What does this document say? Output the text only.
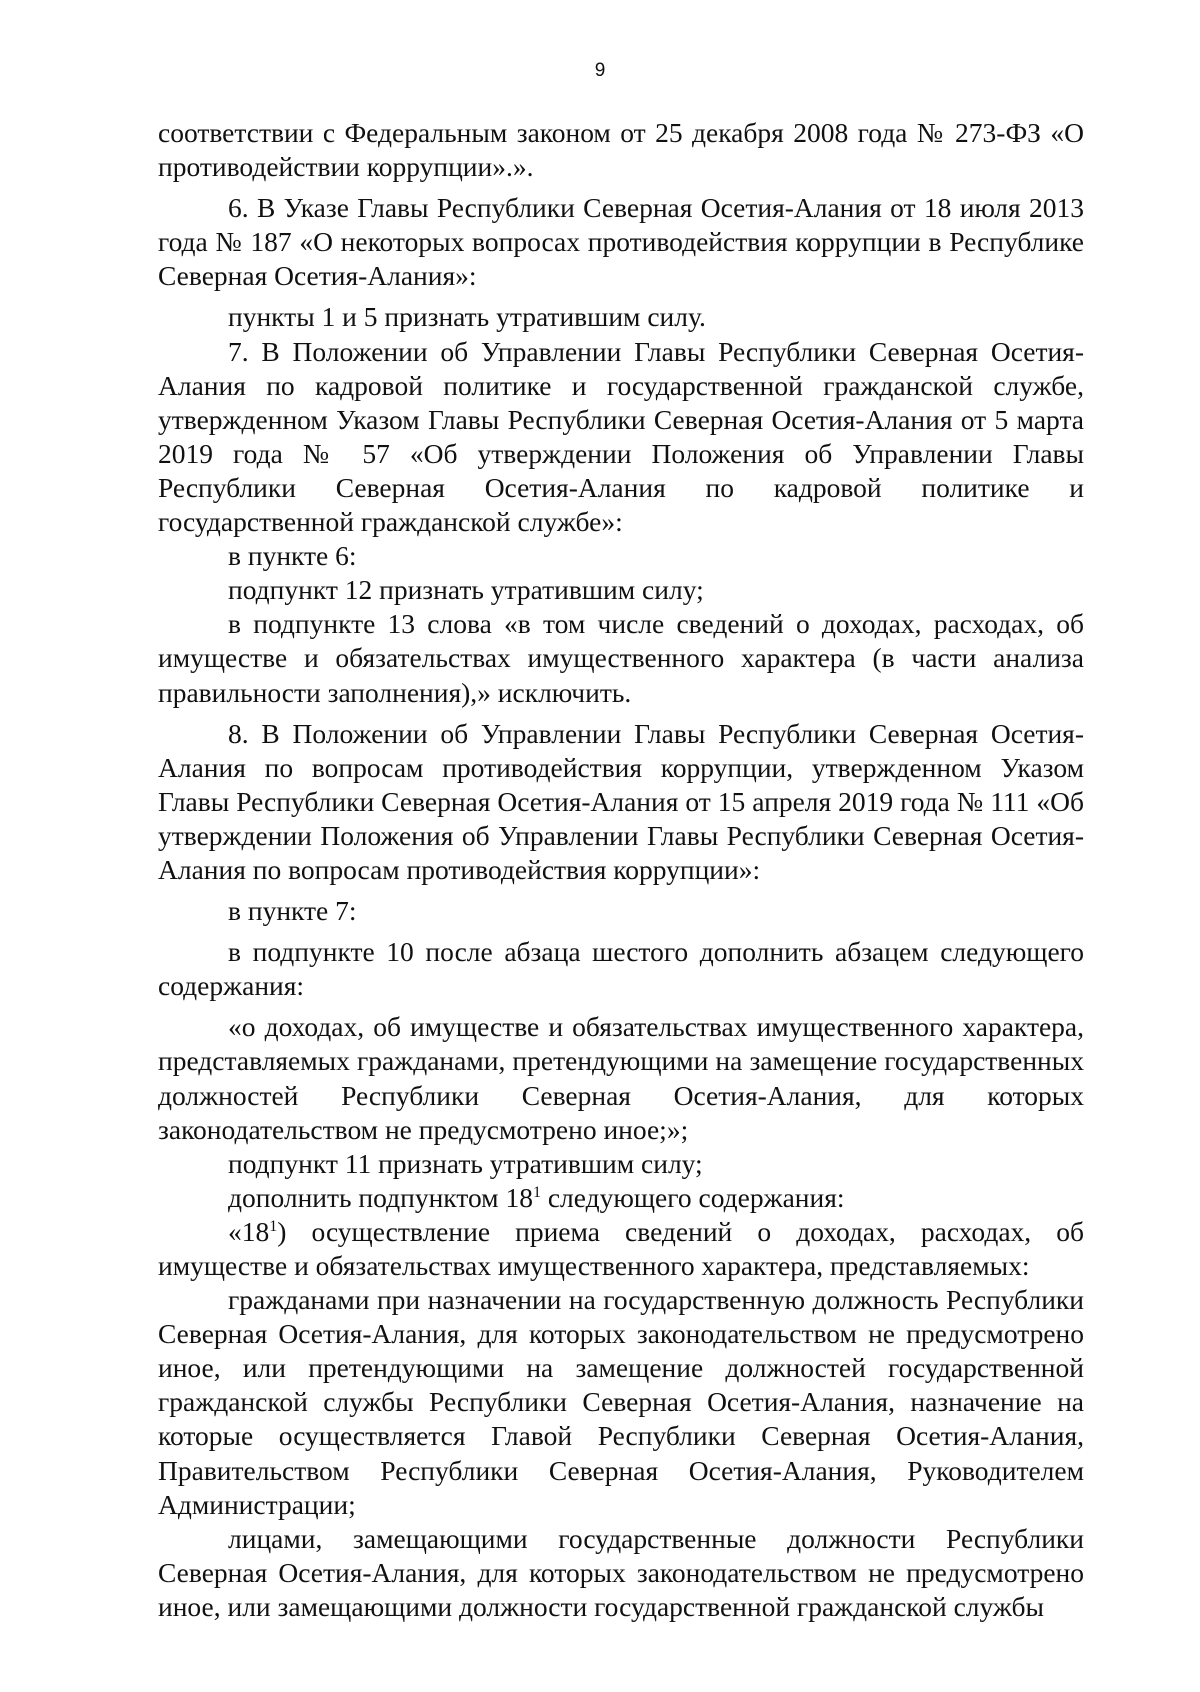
9

соответствии с Федеральным законом от 25 декабря 2008 года № 273-ФЗ «О противодействии коррупции».».

6. В Указе Главы Республики Северная Осетия-Алания от 18 июля 2013 года № 187 «О некоторых вопросах противодействия коррупции в Республике Северная Осетия-Алания»:

пункты 1 и 5 признать утратившим силу.

7. В Положении об Управлении Главы Республики Северная Осетия-Алания по кадровой политике и государственной гражданской службе, утвержденном Указом Главы Республики Северная Осетия-Алания от 5 марта 2019 года № 57 «Об утверждении Положения об Управлении Главы Республики Северная Осетия-Алания по кадровой политике и государственной гражданской службе»:

в пункте 6:

подпункт 12 признать утратившим силу;

в подпункте 13 слова «в том числе сведений о доходах, расходах, об имуществе и обязательствах имущественного характера (в части анализа правильности заполнения),» исключить.

8. В Положении об Управлении Главы Республики Северная Осетия-Алания по вопросам противодействия коррупции, утвержденном Указом Главы Республики Северная Осетия-Алания от 15 апреля 2019 года № 111 «Об утверждении Положения об Управлении Главы Республики Северная Осетия-Алания по вопросам противодействия коррупции»:

в пункте 7:

в подпункте 10 после абзаца шестого дополнить абзацем следующего содержания:

«о доходах, об имуществе и обязательствах имущественного характера, представляемых гражданами, претендующими на замещение государственных должностей Республики Северная Осетия-Алания, для которых законодательством не предусмотрено иное;»;

подпункт 11 признать утратившим силу;

дополнить подпунктом $18^1$ следующего содержания:

«$18^1$) осуществление приема сведений о доходах, расходах, об имуществе и обязательствах имущественного характера, представляемых:

гражданами при назначении на государственную должность Республики Северная Осетия-Алания, для которых законодательством не предусмотрено иное, или претендующими на замещение должностей государственной гражданской службы Республики Северная Осетия-Алания, назначение на которые осуществляется Главой Республики Северная Осетия-Алания, Правительством Республики Северная Осетия-Алания, Руководителем Администрации;

лицами, замещающими государственные должности Республики Северная Осетия-Алания, для которых законодательством не предусмотрено иное, или замещающими должности государственной гражданской службы
